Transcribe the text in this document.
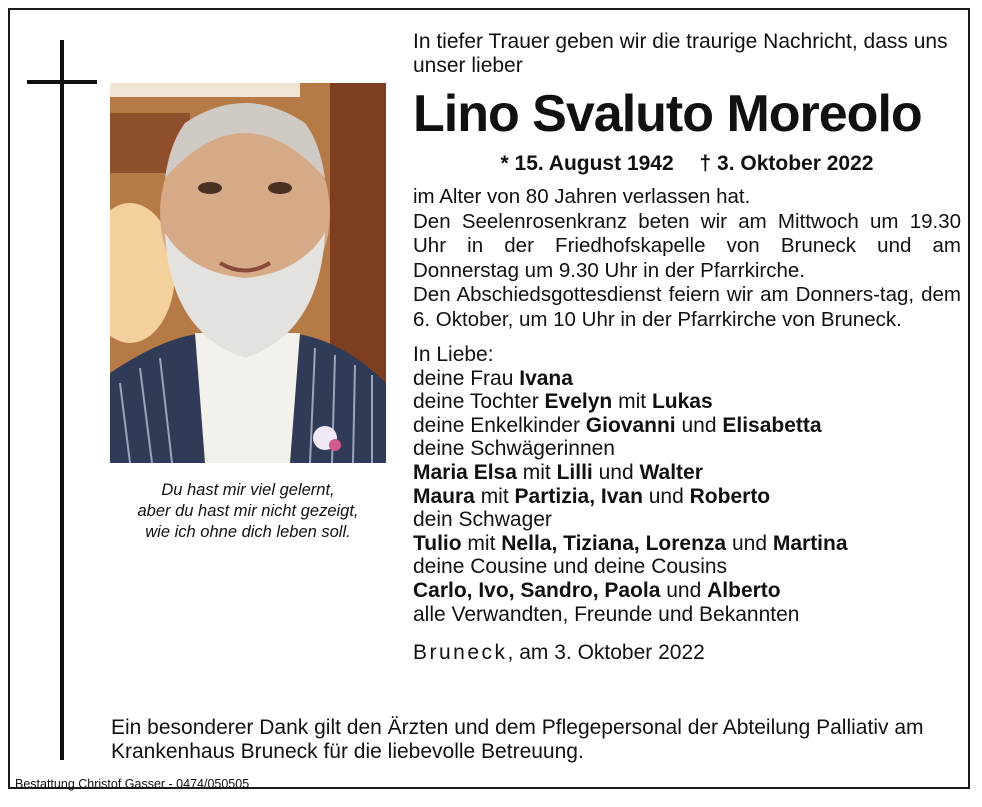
Du hast mir viel gelernt,
aber du hast mir nicht gezeigt,
wie ich ohne dich leben soll.
In tiefer Trauer geben wir die traurige Nachricht, dass uns unser lieber
Lino Svaluto Moreolo
* 15. August 1942 † 3. Oktober 2022

im Alter von 80 Jahren verlassen hat.

Den Seelenrosenkranz beten wir am Mittwoch um 19.30 Uhr in der Friedhofskapelle von Bruneck und am Donnerstag um 9.30 Uhr in der Pfarrkirche.

Den Abschiedsgottesdienst feiern wir am Donners-tag, dem 6. Oktober, um 10 Uhr in der Pfarrkirche von Bruneck.

In Liebe:
deine Frau Ivana
deine Tochter Evelyn mit Lukas
deine Enkelkinder Giovanni und Elisabetta
deine Schwägerinnen
Maria Elsa mit Lilli und Walter
Maura mit Partizia, Ivan und Roberto
dein Schwager
Tulio mit Nella, Tiziana, Lorenza und Martina
deine Cousine und deine Cousins
Carlo, Ivo, Sandro, Paola und Alberto
alle Verwandten, Freunde und Bekannten
Bruneck, am 3. Oktober 2022
Ein besonderer Dank gilt den Ärzten und dem Pflegepersonal der Abteilung Palliativ am Krankenhaus Bruneck für die liebevolle Betreuung.
Bestattung Christof Gasser - 0474/050505
